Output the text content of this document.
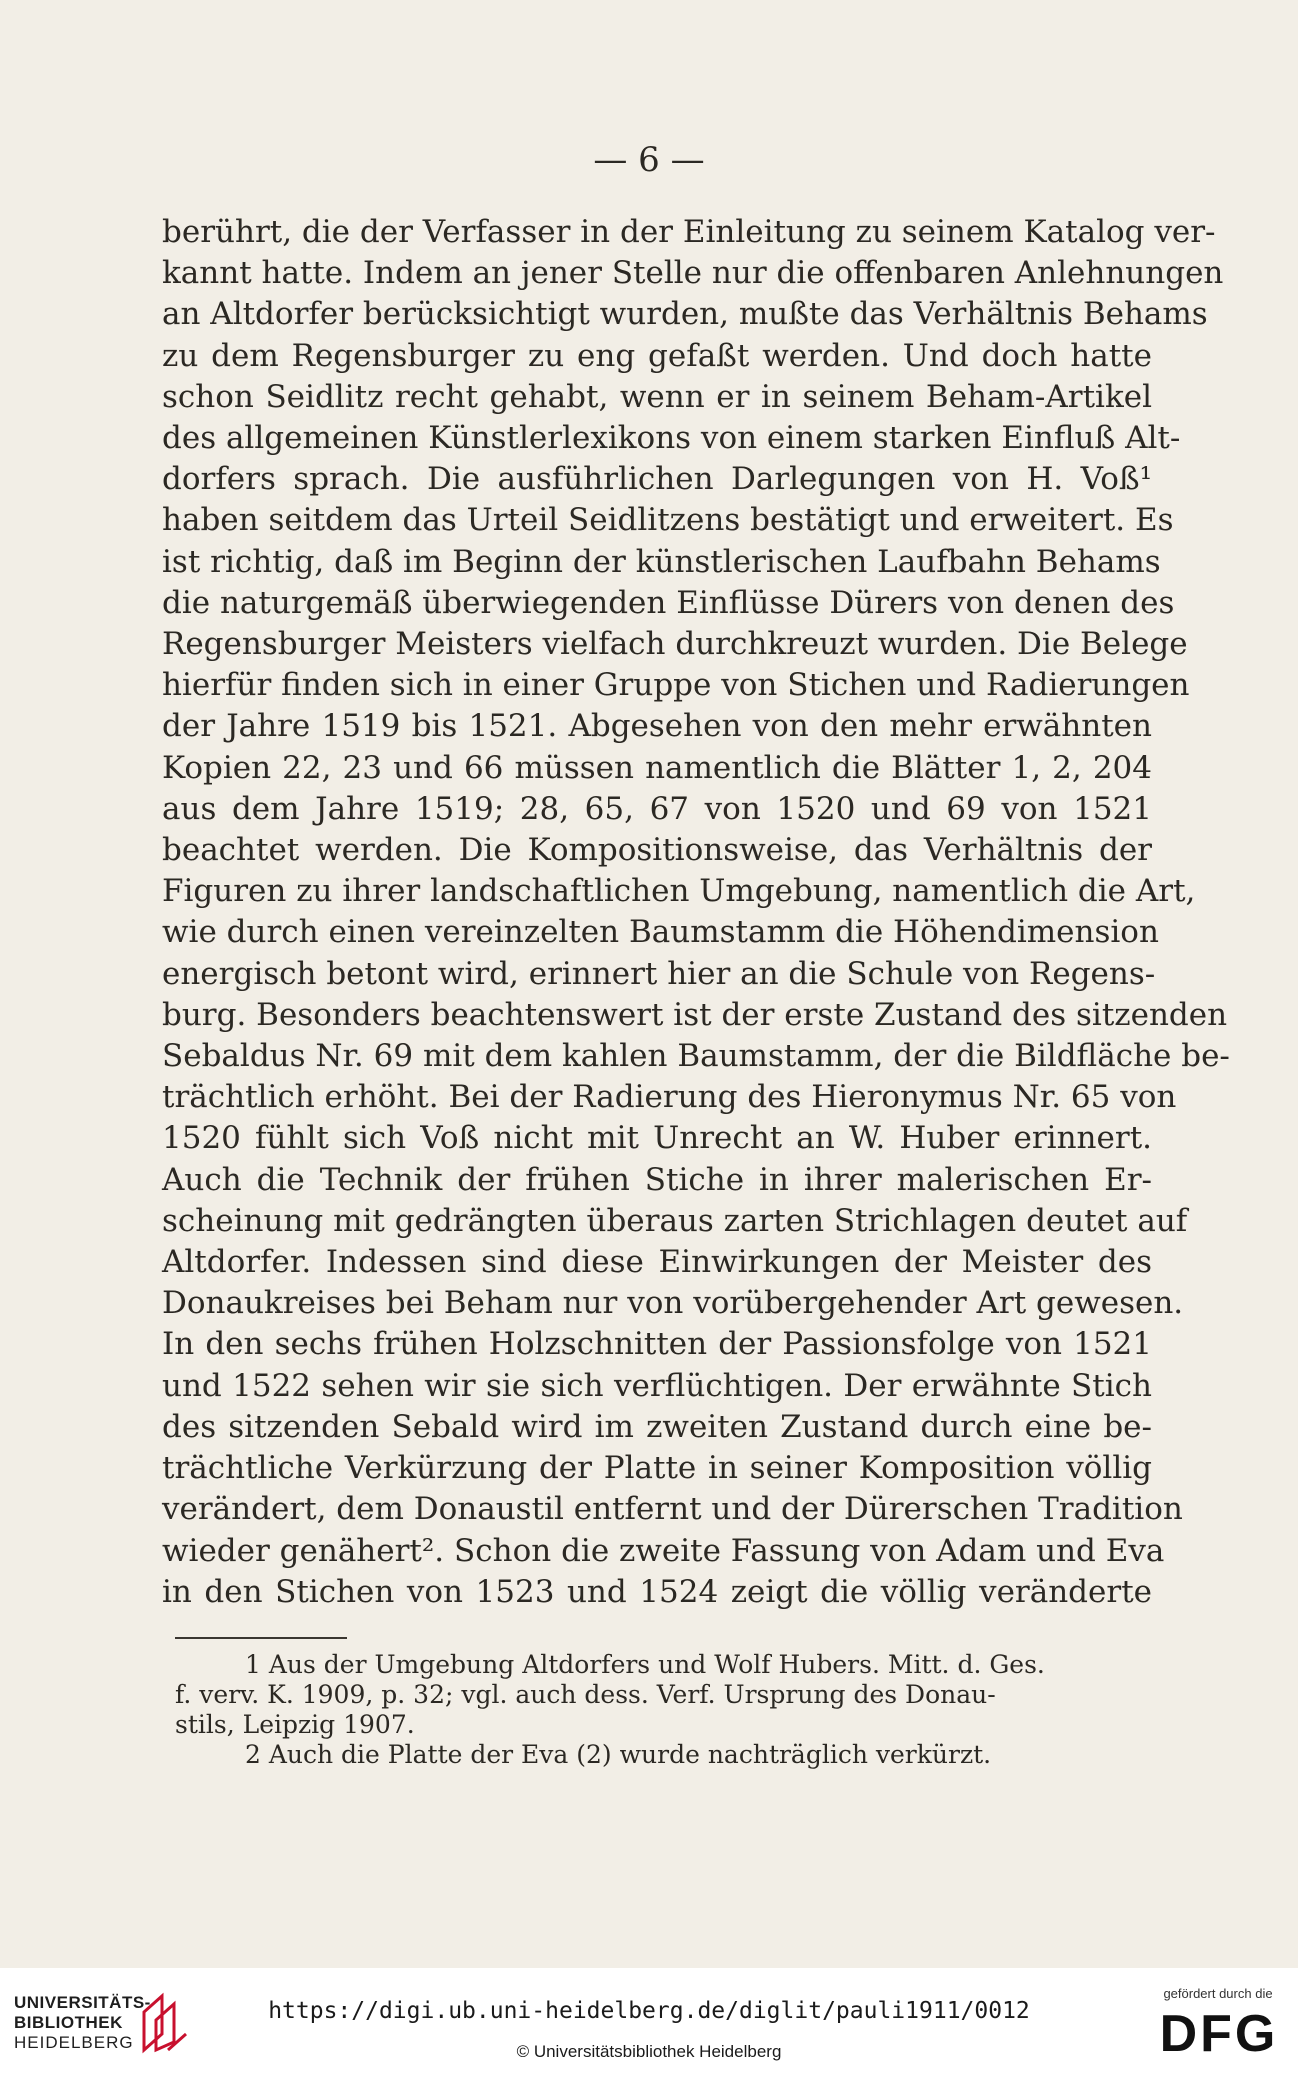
— 6 —
berührt, die der Verfasser in der Einleitung zu seinem Katalog ver-
kannt hatte. Indem an jener Stelle nur die offenbaren Anlehnungen
an Altdorfer berücksichtigt wurden, mußte das Verhältnis Behams
zu dem Regensburger zu eng gefaßt werden. Und doch hatte
schon Seidlitz recht gehabt, wenn er in seinem Beham-Artikel
des allgemeinen Künstlerlexikons von einem starken Einfluß Alt-
dorfers sprach. Die ausführlichen Darlegungen von H. Voß¹
haben seitdem das Urteil Seidlitzens bestätigt und erweitert. Es
ist richtig, daß im Beginn der künstlerischen Laufbahn Behams
die naturgemäß überwiegenden Einflüsse Dürers von denen des
Regensburger Meisters vielfach durchkreuzt wurden. Die Belege
hierfür finden sich in einer Gruppe von Stichen und Radierungen
der Jahre 1519 bis 1521. Abgesehen von den mehr erwähnten
Kopien 22, 23 und 66 müssen namentlich die Blätter 1, 2, 204
aus dem Jahre 1519; 28, 65, 67 von 1520 und 69 von 1521
beachtet werden. Die Kompositionsweise, das Verhältnis der
Figuren zu ihrer landschaftlichen Umgebung, namentlich die Art,
wie durch einen vereinzelten Baumstamm die Höhendimension
energisch betont wird, erinnert hier an die Schule von Regens-
burg. Besonders beachtenswert ist der erste Zustand des sitzenden
Sebaldus Nr. 69 mit dem kahlen Baumstamm, der die Bildfläche be-
trächtlich erhöht. Bei der Radierung des Hieronymus Nr. 65 von
1520 fühlt sich Voß nicht mit Unrecht an W. Huber erinnert.
Auch die Technik der frühen Stiche in ihrer malerischen Er-
scheinung mit gedrängten überaus zarten Strichlagen deutet auf
Altdorfer. Indessen sind diese Einwirkungen der Meister des
Donaukreises bei Beham nur von vorübergehender Art gewesen.
In den sechs frühen Holzschnitten der Passionsfolge von 1521
und 1522 sehen wir sie sich verflüchtigen. Der erwähnte Stich
des sitzenden Sebald wird im zweiten Zustand durch eine be-
trächtliche Verkürzung der Platte in seiner Komposition völlig
verändert, dem Donaustil entfernt und der Dürerschen Tradition
wieder genähert². Schon die zweite Fassung von Adam und Eva
in den Stichen von 1523 und 1524 zeigt die völlig veränderte
1 Aus der Umgebung Altdorfers und Wolf Hubers. Mitt. d. Ges.
f. verv. K. 1909, p. 32; vgl. auch dess. Verf. Ursprung des Donau-
stils, Leipzig 1907.
2 Auch die Platte der Eva (2) wurde nachträglich verkürzt.
UNIVERSITÄTS-
BIBLIOTHEK
HEIDELBERG
https://digi.ub.uni-heidelberg.de/diglit/pauli1911/0012
© Universitätsbibliothek Heidelberg
gefördert durch die
DFG
